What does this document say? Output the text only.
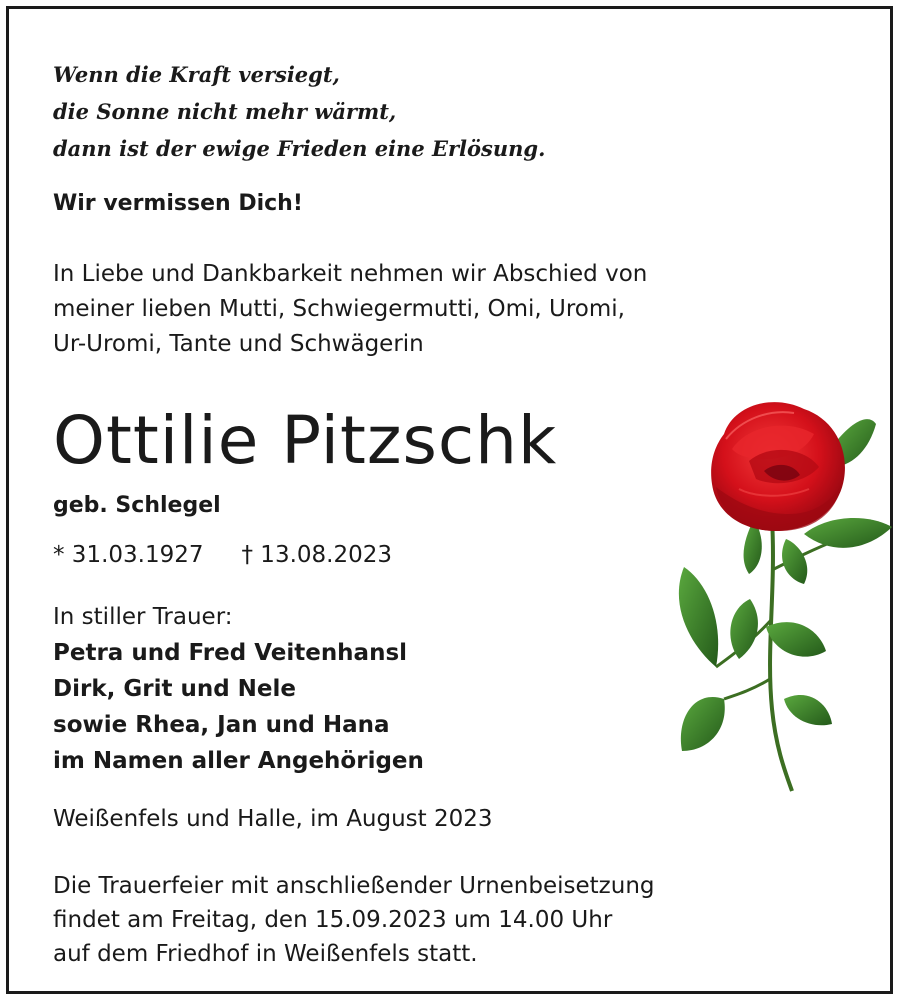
Wenn die Kraft versiegt,
die Sonne nicht mehr wärmt,
dann ist der ewige Frieden eine Erlösung.
Wir vermissen Dich!
In Liebe und Dankbarkeit nehmen wir Abschied von
meiner lieben Mutti, Schwiegermutti, Omi, Uromi,
Ur-Uromi, Tante und Schwägerin
Ottilie Pitzschk
geb. Schlegel
* 31.03.1927 † 13.08.2023
In stiller Trauer:
Petra und Fred Veitenhansl
Dirk, Grit und Nele
sowie Rhea, Jan und Hana
im Namen aller Angehörigen
Weißenfels und Halle, im August 2023
Die Trauerfeier mit anschließender Urnenbeisetzung
findet am Freitag, den 15.09.2023 um 14.00 Uhr
auf dem Friedhof in Weißenfels statt.
